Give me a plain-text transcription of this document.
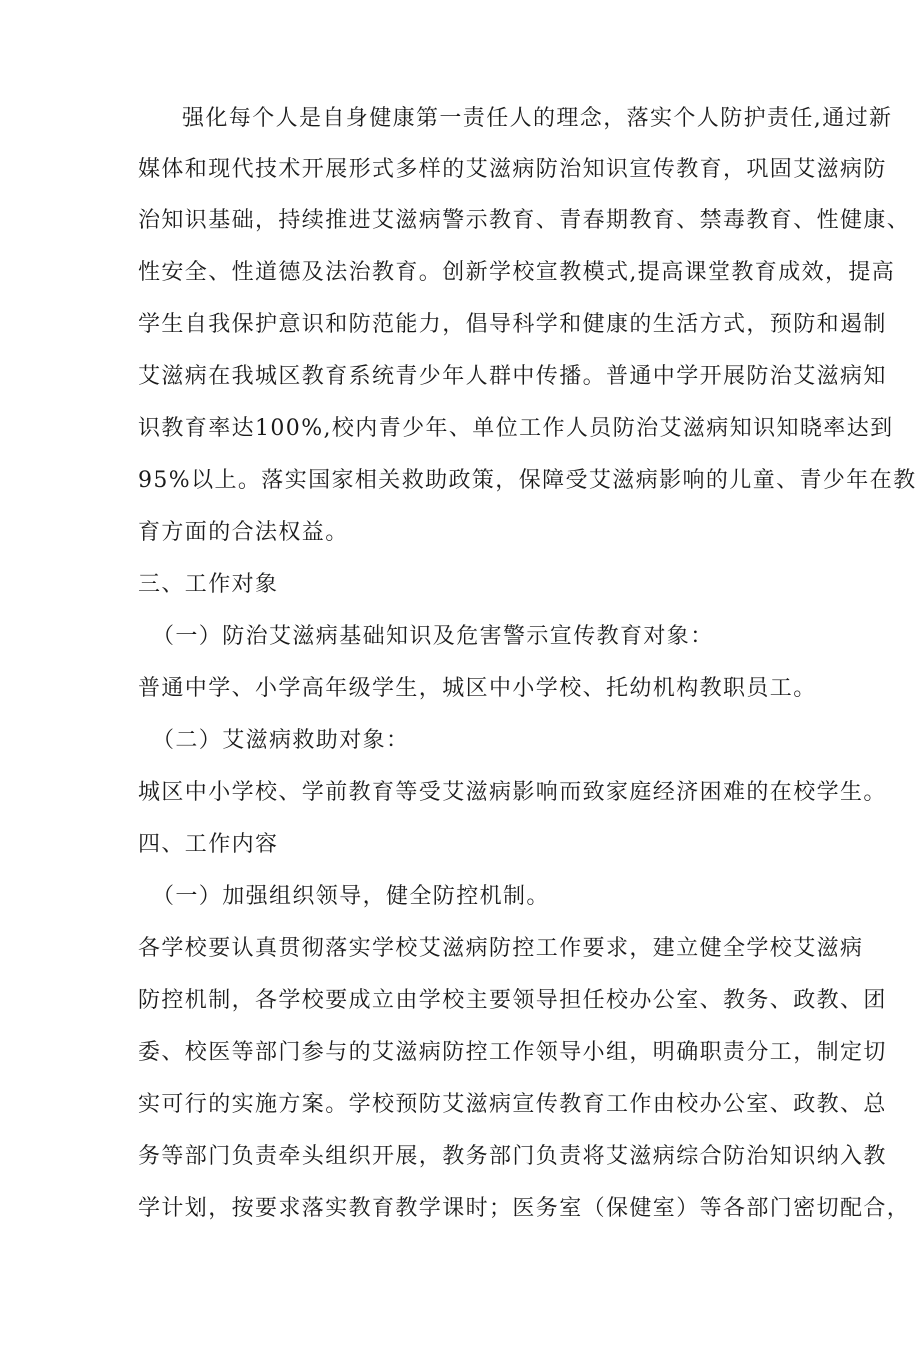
强化每个人是自身健康第一责任人的理念，落实个人防护责任,通过新
媒体和现代技术开展形式多样的艾滋病防治知识宣传教育，巩固艾滋病防
治知识基础，持续推进艾滋病警示教育、青春期教育、禁毒教育、性健康、
性安全、性道德及法治教育。创新学校宣教模式,提高课堂教育成效，提高
学生自我保护意识和防范能力，倡导科学和健康的生活方式，预防和遏制
艾滋病在我城区教育系统青少年人群中传播。普通中学开展防治艾滋病知
识教育率达100%,校内青少年、单位工作人员防治艾滋病知识知晓率达到
95%以上。落实国家相关救助政策，保障受艾滋病影响的儿童、青少年在教
育方面的合法权益。
三、工作对象
（一）防治艾滋病基础知识及危害警示宣传教育对象：
普通中学、小学高年级学生，城区中小学校、托幼机构教职员工。
（二）艾滋病救助对象：
城区中小学校、学前教育等受艾滋病影响而致家庭经济困难的在校学生。
四、工作内容
（一）加强组织领导，健全防控机制。
各学校要认真贯彻落实学校艾滋病防控工作要求，建立健全学校艾滋病
防控机制，各学校要成立由学校主要领导担任校办公室、教务、政教、团
委、校医等部门参与的艾滋病防控工作领导小组，明确职责分工，制定切
实可行的实施方案。学校预防艾滋病宣传教育工作由校办公室、政教、总
务等部门负责牵头组织开展，教务部门负责将艾滋病综合防治知识纳入教
学计划，按要求落实教育教学课时；医务室（保健室）等各部门密切配合，
